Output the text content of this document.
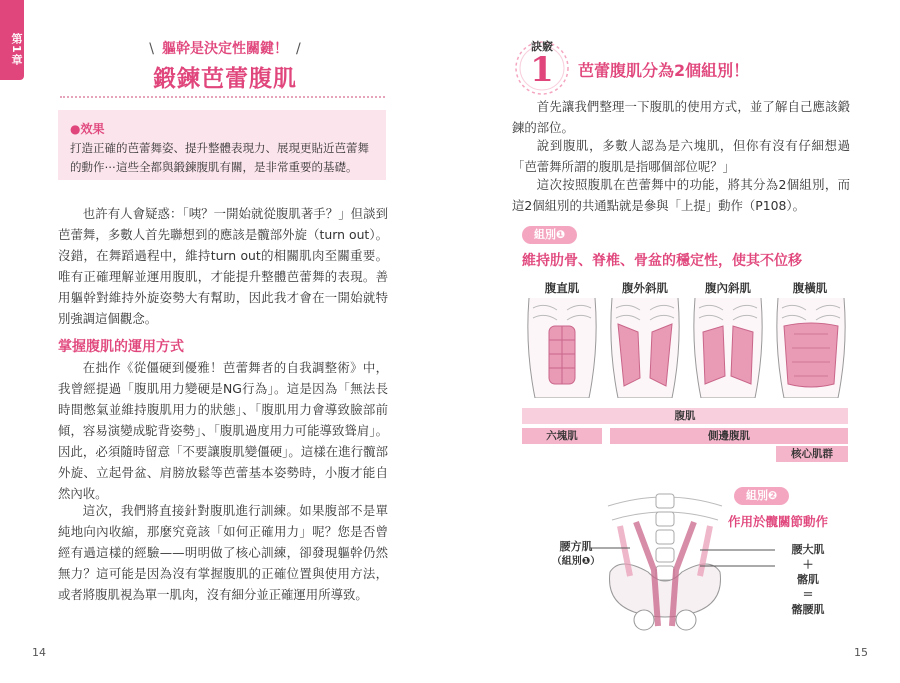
第1章	\ 軀幹是決定性關鍵！ /
鍛鍊芭蕾腹肌
●效果
打造正確的芭蕾舞姿、提升整體表現力、展現更貼近芭蕾舞的動作⋯這些全都與鍛鍊腹肌有關，是非常重要的基礎。
也許有人會疑惑：「咦？一開始就從腹肌著手？」但談到芭蕾舞，多數人首先聯想到的應該是髖部外旋（turn out）。沒錯，在舞蹈過程中，維持turn out的相關肌肉至關重要。唯有正確理解並運用腹肌，才能提升整體芭蕾舞的表現。善用軀幹對維持外旋姿勢大有幫助，因此我才會在一開始就特別強調這個觀念。
掌握腹肌的運用方式
在拙作《從僵硬到優雅！芭蕾舞者的自我調整術》中，我曾經提過「腹肌用力變硬是NG行為」。這是因為「無法長時間憋氣並維持腹肌用力的狀態」、「腹肌用力會導致臉部前傾，容易演變成駝背姿勢」、「腹肌過度用力可能導致聳肩」。因此，必須隨時留意「不要讓腹肌變僵硬」。這樣在進行髖部外旋、立起骨盆、肩膀放鬆等芭蕾基本姿勢時，小腹才能自然內收。
這次，我們將直接針對腹肌進行訓練。如果腹部不是單純地向內收縮，那麼究竟該「如何正確用力」呢？您是否曾經有過這樣的經驗——明明做了核心訓練，卻發現軀幹仍然無力？這可能是因為沒有掌握腹肌的正確位置與使用方法，或者將腹肌視為單一肌肉，沒有細分並正確運用所導致。
14
訣竅
1	芭蕾腹肌分為2個組別！
首先讓我們整理一下腹肌的使用方式，並了解自己應該鍛鍊的部位。
說到腹肌，多數人認為是六塊肌，但你有沒有仔細想過「芭蕾舞所謂的腹肌是指哪個部位呢？」
這次按照腹肌在芭蕾舞中的功能，將其分為2個組別，而這2個組別的共通點就是參與「上提」動作（P108）。
組別❶
維持肋骨、脊椎、骨盆的穩定性，使其不位移
腹直肌	腹外斜肌	腹內斜肌	腹橫肌
腹肌
六塊肌	側邊腹肌
核心肌群
組別❷
作用於髖關節動作
腰方肌
（組別❶）
腰大肌
＋
髂肌
＝
髂腰肌
15
